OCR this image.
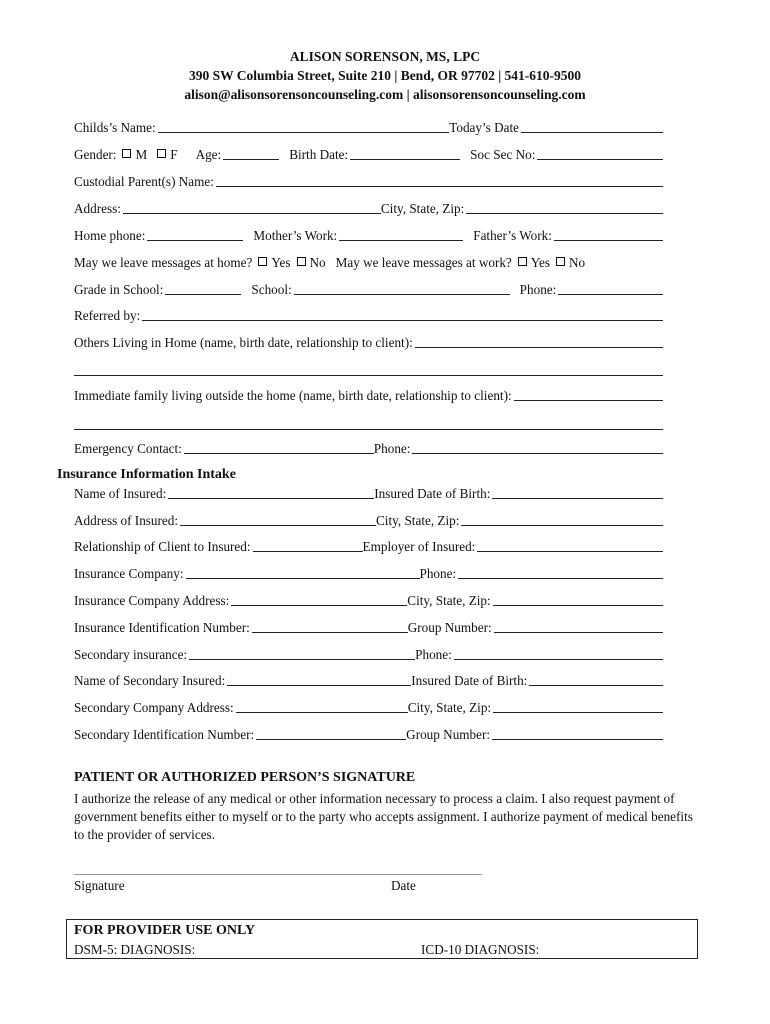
ALISON SORENSON, MS, LPC
390 SW Columbia Street, Suite 210 | Bend, OR 97702 | 541-610-9500
alison@alisonsorensoncounseling.com | alisonsorensoncounseling.com
Childs’s Name:	Today’s Date
Gender: M F	Age:	Birth Date:	Soc Sec No:
Custodial Parent(s) Name:
Address:	City, State, Zip:
Home phone:	Mother’s Work:	Father’s Work:
May we leave messages at home? Yes No May we leave messages at work? Yes No
Grade in School:	School:	Phone:
Referred by:
Others Living in Home (name, birth date, relationship to client):
Immediate family living outside the home (name, birth date, relationship to client):
Emergency Contact:	Phone:
Insurance Information Intake
Name of Insured:	Insured Date of Birth:
Address of Insured:	City, State, Zip:
Relationship of Client to Insured:	Employer of Insured:
Insurance Company:	Phone:
Insurance Company Address:	City, State, Zip:
Insurance Identification Number:	Group Number:
Secondary insurance:	Phone:
Name of Secondary Insured:	Insured Date of Birth:
Secondary Company Address:	City, State, Zip:
Secondary Identification Number:	Group Number:
PATIENT OR AUTHORIZED PERSON’S SIGNATURE
I authorize the release of any medical or other information necessary to process a claim. I also request payment of government benefits either to myself or to the party who accepts assignment. I authorize payment of medical benefits to the provider of services.
Signature	Date
FOR PROVIDER USE ONLY
DSM-5: DIAGNOSIS:	ICD-10 DIAGNOSIS:
